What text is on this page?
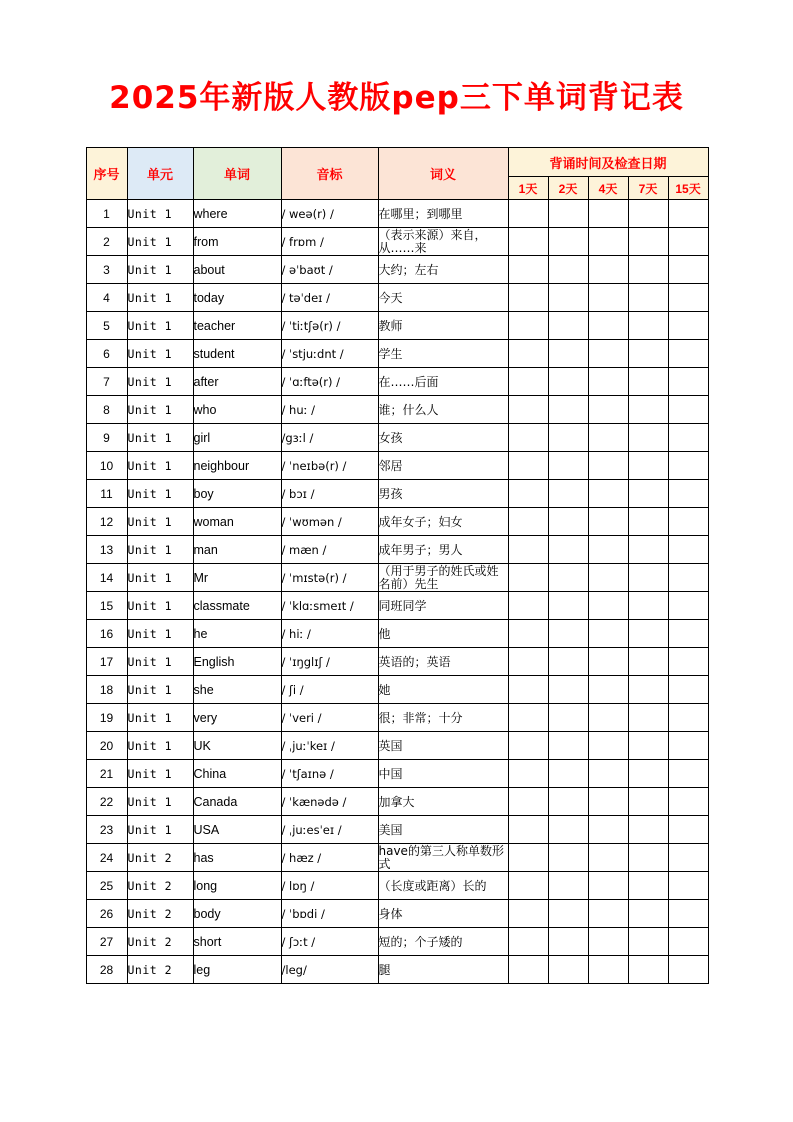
2025年新版人教版pep三下单词背记表
序号	单元	单词	音标	词义	背诵时间及检查日期				
					1天	2天	4天	7天	15天
1	Unit 1	where	/ weə(r) /	在哪里；到哪里					
2	Unit 1	from	/ frɒm /	（表示来源）来自，从……来					
3	Unit 1	about	/ əˈbaʊt /	大约；左右					
4	Unit 1	today	/ təˈdeɪ /	今天					
5	Unit 1	teacher	/ ˈtiːtʃə(r) /	教师					
6	Unit 1	student	/ ˈstjuːdnt /	学生					
7	Unit 1	after	/ ˈɑːftə(r) /	在……后面					
8	Unit 1	who	/ huː /	谁；什么人					
9	Unit 1	girl	/gɜːl /	女孩					
10	Unit 1	neighbour	/ ˈneɪbə(r) /	邻居					
11	Unit 1	boy	/ bɔɪ /	男孩					
12	Unit 1	woman	/ ˈwʊmən /	成年女子；妇女					
13	Unit 1	man	/ mæn /	成年男子；男人					
14	Unit 1	Mr	/ ˈmɪstə(r) /	（用于男子的姓氏或姓名前）先生					
15	Unit 1	classmate	/ ˈklɑːsmeɪt /	同班同学					
16	Unit 1	he	/ hiː /	他					
17	Unit 1	English	/ ˈɪŋglɪʃ /	英语的；英语					
18	Unit 1	she	/ ʃi /	她					
19	Unit 1	very	/ ˈveri /	很；非常；十分					
20	Unit 1	UK	/ ˌjuːˈkeɪ /	英国					
21	Unit 1	China	/ ˈtʃaɪnə /	中国					
22	Unit 1	Canada	/ ˈkænədə /	加拿大					
23	Unit 1	USA	/ ˌjuːesˈeɪ /	美国					
24	Unit 2	has	/ hæz /	have的第三人称单数形式					
25	Unit 2	long	/ lɒŋ /	（长度或距离）长的					
26	Unit 2	body	/ ˈbɒdi /	身体					
27	Unit 2	short	/ ʃɔːt /	短的；个子矮的					
28	Unit 2	leg	/leg/	腿					
